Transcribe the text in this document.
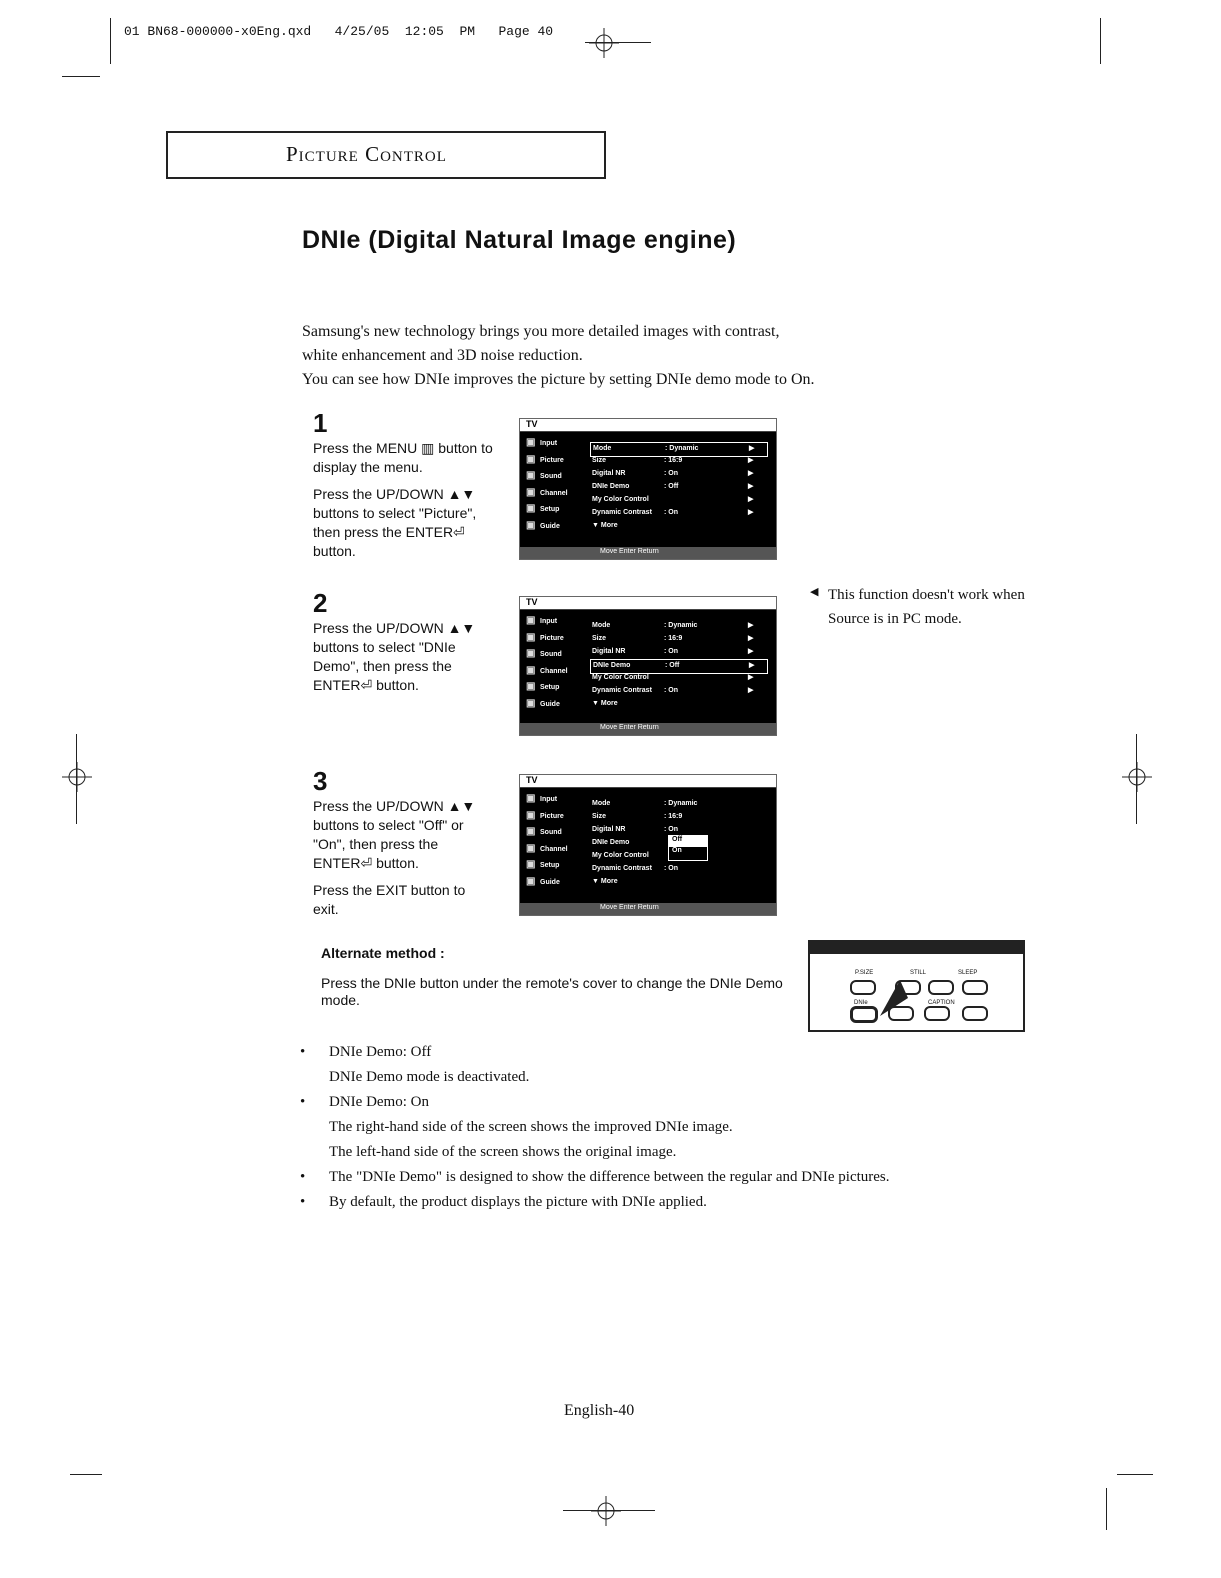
01 BN68-000000-x0Eng.qxd   4/25/05  12:05  PM   Page 40
Picture Control
DNIe (Digital Natural Image engine)
Samsung's new technology brings you more detailed images with contrast,
white enhancement and 3D noise reduction.
You can see how DNIe improves the picture by setting DNIe demo mode to On.
1

Press the MENU ▥ button to display the menu.

Press the UP/DOWN ▲▼ buttons to select "Picture", then press the ENTER⏎ button.

TV
▣ Input
▣ Picture
▣ Sound
▣ Channel
▣ Setup
▣ Guide
Mode	: Dynamic	▶
Size	: 16:9	▶
Digital NR	: On	▶
DNIe Demo	: Off	▶
My Color Control	▶
Dynamic Contrast : On	▶
▼ More
Move Enter Return
2

Press the UP/DOWN ▲▼ buttons to select "DNIe Demo", then press the ENTER⏎ button.

TV
▣ Input
▣ Picture
▣ Sound
▣ Channel
▣ Setup
▣ Guide
Mode	: Dynamic	▶
Size	: 16:9	▶
Digital NR	: On	▶
DNIe Demo	: Off	▶
My Color Control	▶
Dynamic Contrast : On	▶
▼ More
Move Enter Return
◀ This function doesn't work when
Source is in PC mode.
3

Press the UP/DOWN ▲▼ buttons to select "Off" or "On", then press the ENTER⏎ button.

Press the EXIT button to exit.

TV
▣ Input
▣ Picture
▣ Sound
▣ Channel
▣ Setup
▣ Guide
Mode	: Dynamic
Size	: 16:9
Digital NR	: On
DNIe Demo
My Color Control
Dynamic Contrast : On
▼ More
Off
On
Move Enter Return
Alternate method :
Press the DNIe button under the remote's cover to change the DNIe Demo mode.
P.SIZE	STILL	SLEEP
DNIe	CAPTION
• DNIe Demo: Off
DNIe Demo mode is deactivated.
• DNIe Demo: On
The right-hand side of the screen shows the improved DNIe image.
The left-hand side of the screen shows the original image.
• The "DNIe Demo" is designed to show the difference between the regular and DNIe pictures.
• By default, the product displays the picture with DNIe applied.
English-40
